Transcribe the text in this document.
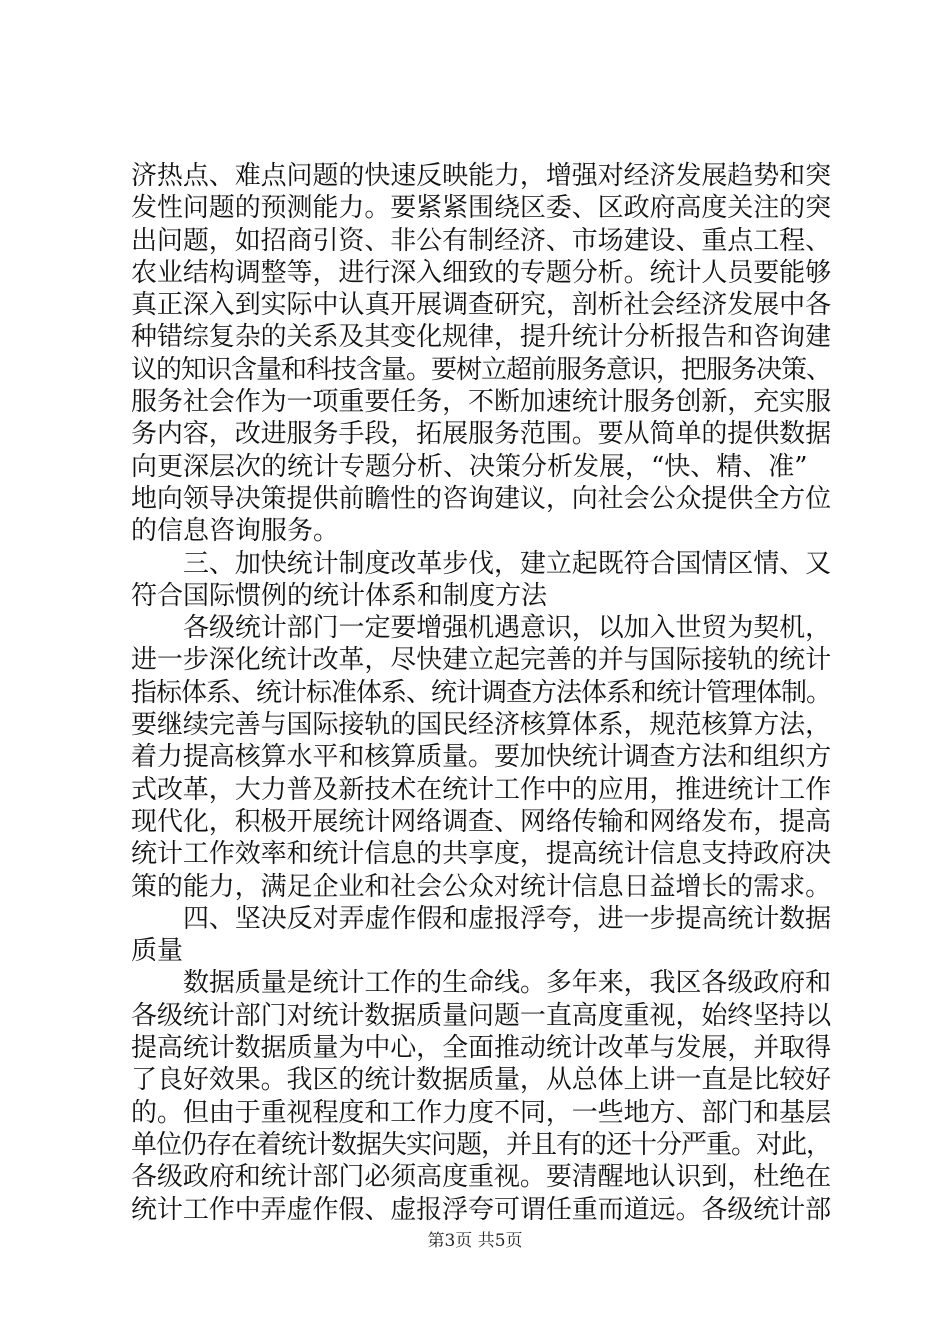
济热点、难点问题的快速反映能力，增强对经济发展趋势和突
发性问题的预测能力。要紧紧围绕区委、区政府高度关注的突
出问题，如招商引资、非公有制经济、市场建设、重点工程、
农业结构调整等，进行深入细致的专题分析。统计人员要能够
真正深入到实际中认真开展调查研究，剖析社会经济发展中各
种错综复杂的关系及其变化规律，提升统计分析报告和咨询建
议的知识含量和科技含量。要树立超前服务意识，把服务决策、
服务社会作为一项重要任务，不断加速统计服务创新，充实服
务内容，改进服务手段，拓展服务范围。要从简单的提供数据
向更深层次的统计专题分析、决策分析发展，“快、精、准”
地向领导决策提供前瞻性的咨询建议，向社会公众提供全方位
的信息咨询服务。
三、加快统计制度改革步伐，建立起既符合国情区情、又
符合国际惯例的统计体系和制度方法
各级统计部门一定要增强机遇意识，以加入世贸为契机，
进一步深化统计改革，尽快建立起完善的并与国际接轨的统计
指标体系、统计标准体系、统计调查方法体系和统计管理体制。
要继续完善与国际接轨的国民经济核算体系，规范核算方法，
着力提高核算水平和核算质量。要加快统计调查方法和组织方
式改革，大力普及新技术在统计工作中的应用，推进统计工作
现代化，积极开展统计网络调查、网络传输和网络发布，提高
统计工作效率和统计信息的共享度，提高统计信息支持政府决
策的能力，满足企业和社会公众对统计信息日益增长的需求。
四、坚决反对弄虚作假和虚报浮夸，进一步提高统计数据
质量
数据质量是统计工作的生命线。多年来，我区各级政府和
各级统计部门对统计数据质量问题一直高度重视，始终坚持以
提高统计数据质量为中心，全面推动统计改革与发展，并取得
了良好效果。我区的统计数据质量，从总体上讲一直是比较好
的。但由于重视程度和工作力度不同，一些地方、部门和基层
单位仍存在着统计数据失实问题，并且有的还十分严重。对此，
各级政府和统计部门必须高度重视。要清醒地认识到，杜绝在
统计工作中弄虚作假、虚报浮夸可谓任重而道远。各级统计部
第3页 共5页
